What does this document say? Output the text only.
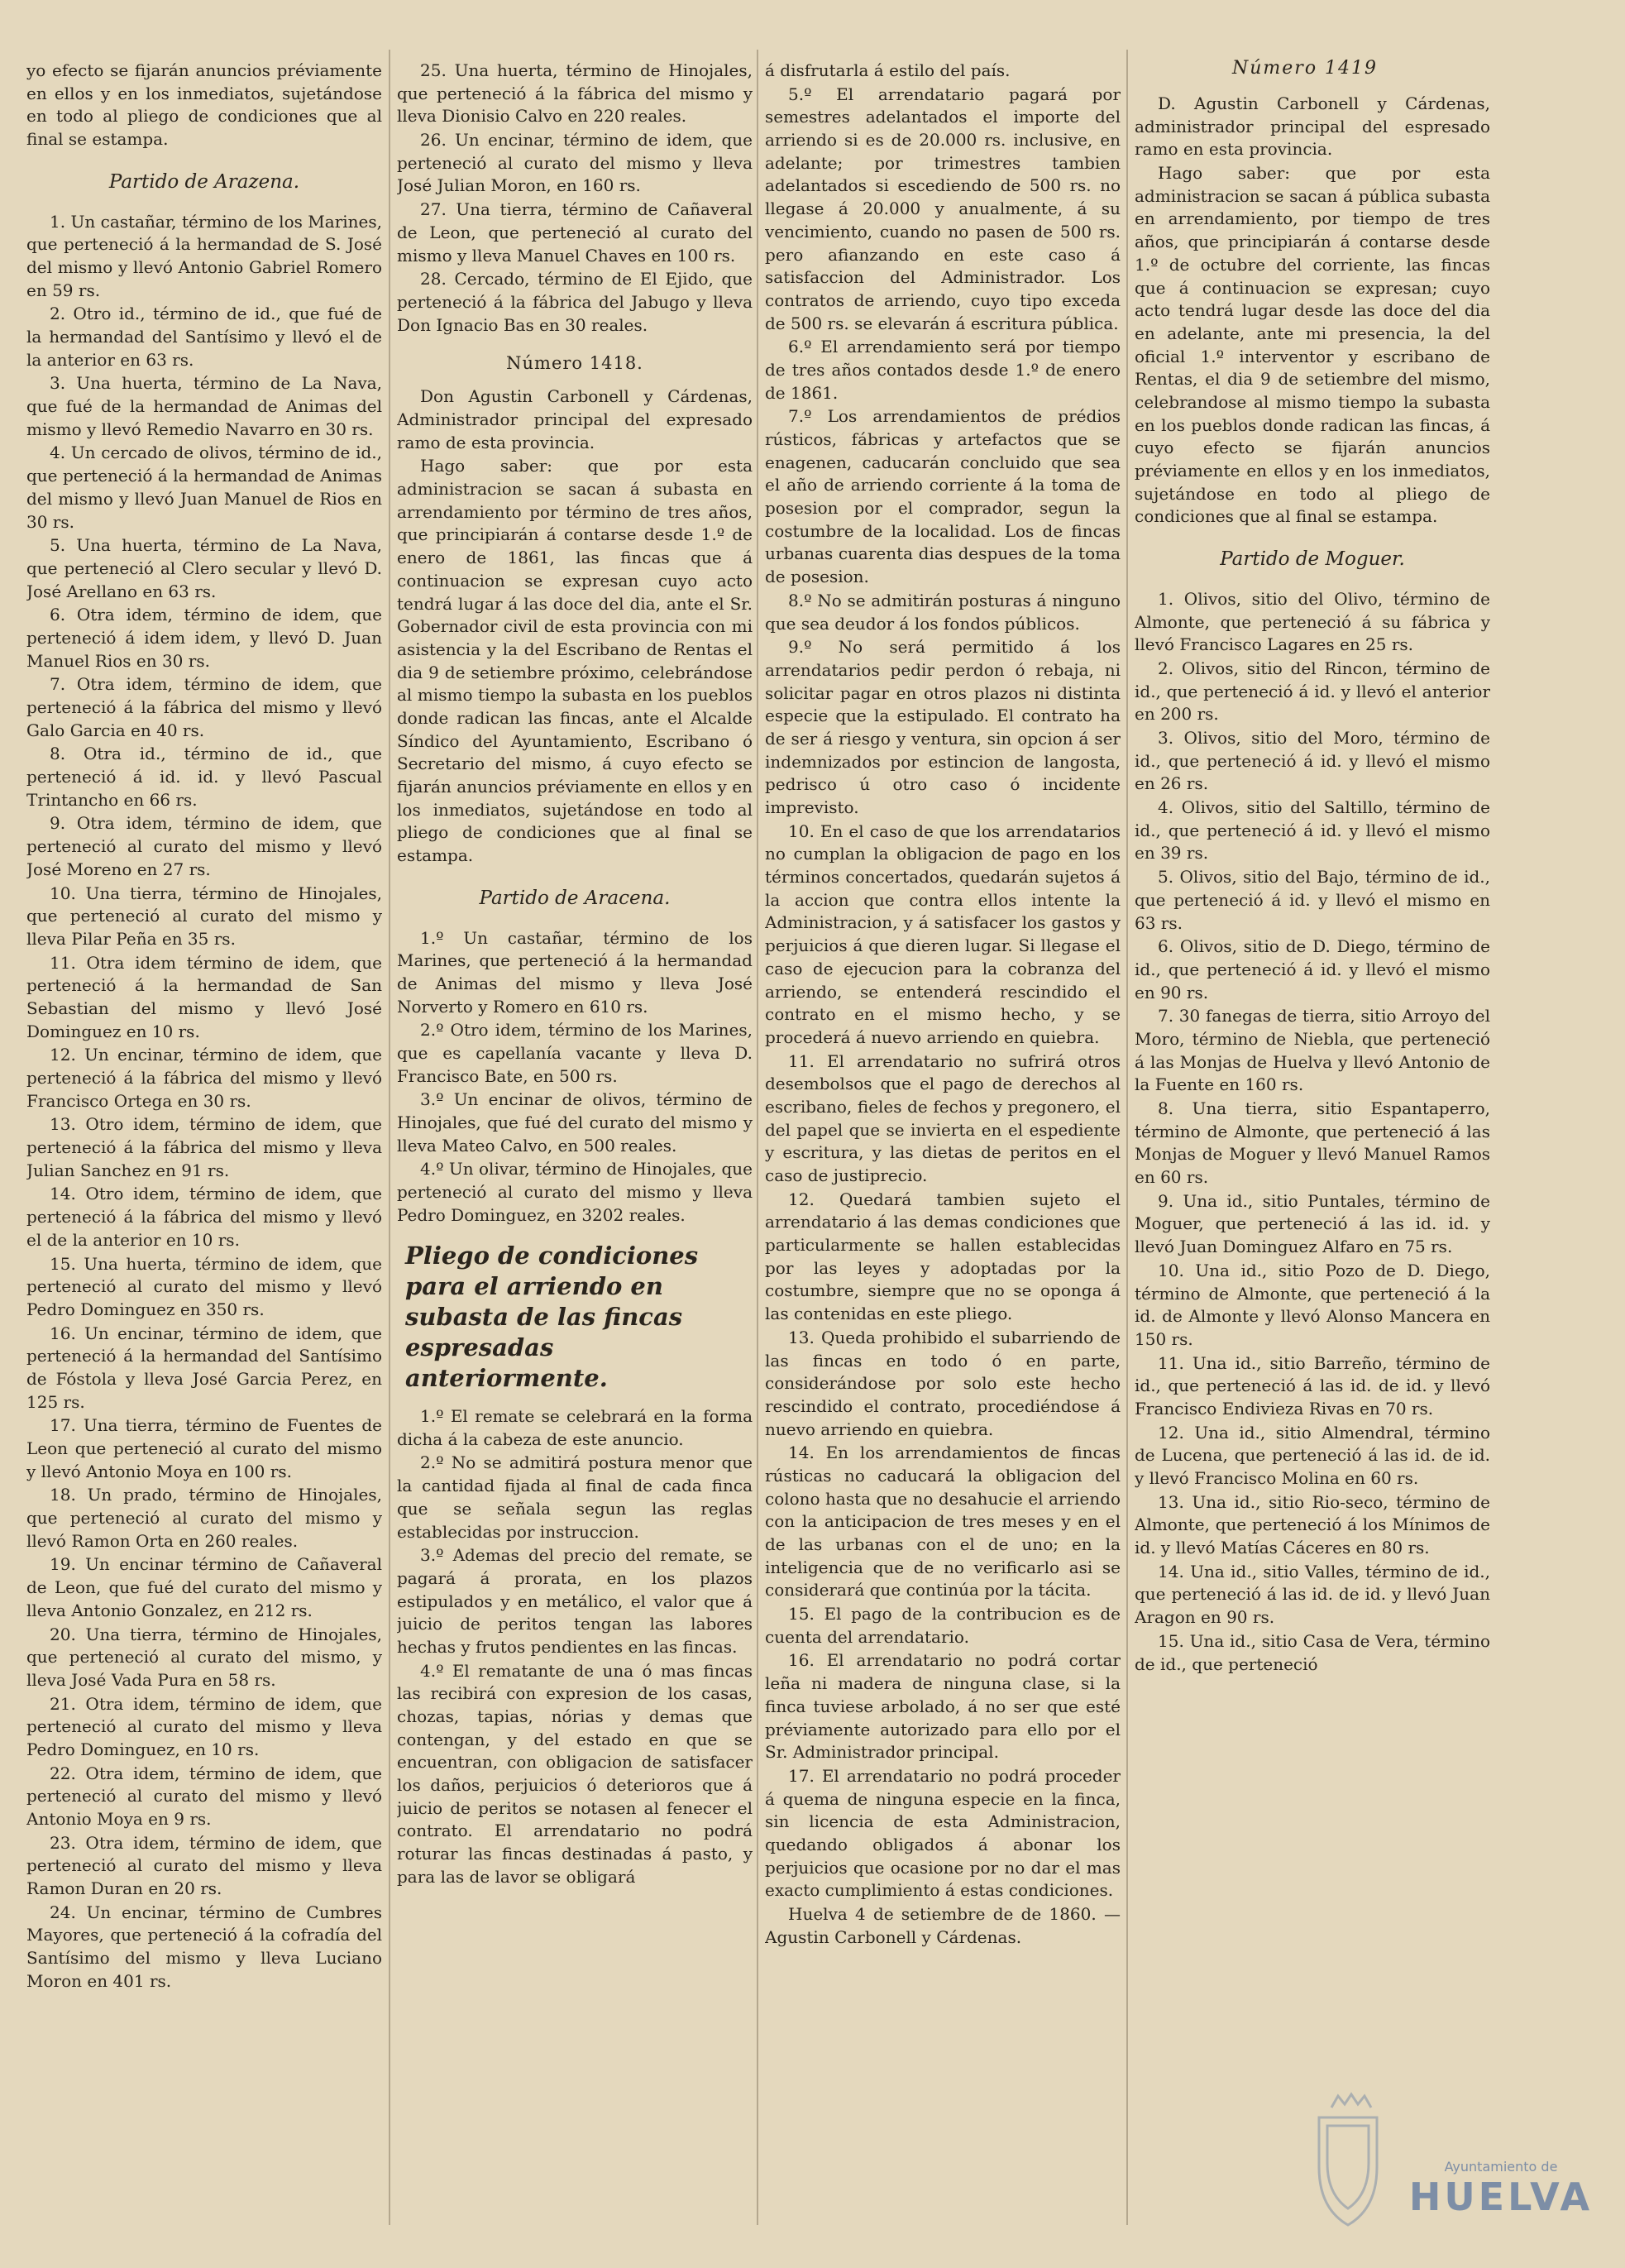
Número 1419

yo efecto se fijarán anuncios préviamente en ellos y en los inmediatos, sujetándose en todo al pliego de condiciones que al final se estampa.

Partido de Arazena.

1. Un castañar, término de los Marines, que perteneció á la hermandad de S. José del mismo y llevó Antonio Gabriel Romero en 59 rs.

2. Otro id., término de id., que fué de la hermandad del Santísimo y llevó el de la anterior en 63 rs.

3. Una huerta, término de La Nava, que fué de la hermandad de Animas del mismo y llevó Remedio Navarro en 30 rs.

4. Un cercado de olivos, término de id., que perteneció á la hermandad de Animas del mismo y llevó Juan Manuel de Rios en 30 rs.

5. Una huerta, término de La Nava, que perteneció al Clero secular y llevó D. José Arellano en 63 rs.

6. Otra idem, término de idem, que perteneció á idem idem, y llevó D. Juan Manuel Rios en 30 rs.

7. Otra idem, término de idem, que perteneció á la fábrica del mismo y llevó Galo Garcia en 40 rs.

8. Otra id., término de id., que perteneció á id. id. y llevó Pascual Trintancho en 66 rs.

9. Otra idem, término de idem, que perteneció al curato del mismo y llevó José Moreno en 27 rs.

10. Una tierra, término de Hinojales, que perteneció al curato del mismo y lleva Pilar Peña en 35 rs.

11. Otra idem término de idem, que perteneció á la hermandad de San Sebastian del mismo y llevó José Dominguez en 10 rs.

12. Un encinar, término de idem, que perteneció á la fábrica del mismo y llevó Francisco Ortega en 30 rs.

13. Otro idem, término de idem, que perteneció á la fábrica del mismo y lleva Julian Sanchez en 91 rs.

14. Otro idem, término de idem, que perteneció á la fábrica del mismo y llevó el de la anterior en 10 rs.

15. Una huerta, término de idem, que perteneció al curato del mismo y llevó Pedro Dominguez en 350 rs.

16. Un encinar, término de idem, que perteneció á la hermandad del Santísimo de Fóstola y lleva José Garcia Perez, en 125 rs.

17. Una tierra, término de Fuentes de Leon que perteneció al curato del mismo y llevó Antonio Moya en 100 rs.

18. Un prado, término de Hinojales, que perteneció al curato del mismo y llevó Ramon Orta en 260 reales.

19. Un encinar término de Cañaveral de Leon, que fué del curato del mismo y lleva Antonio Gonzalez, en 212 rs.

20. Una tierra, término de Hinojales, que perteneció al curato del mismo, y lleva José Vada Pura en 58 rs.

21. Otra idem, término de idem, que perteneció al curato del mismo y lleva Pedro Dominguez, en 10 rs.

22. Otra idem, término de idem, que perteneció al curato del mismo y llevó Antonio Moya en 9 rs.

23. Otra idem, término de idem, que perteneció al curato del mismo y lleva Ramon Duran en 20 rs.

24. Un encinar, término de Cumbres Mayores, que perteneció á la cofradía del Santísimo del mismo y lleva Luciano Moron en 401 rs.

25. Una huerta, término de Hinojales, que perteneció á la fábrica del mismo y lleva Dionisio Calvo en 220 reales.

26. Un encinar, término de idem, que perteneció al curato del mismo y lleva José Julian Moron, en 160 rs.

27. Una tierra, término de Cañaveral de Leon, que perteneció al curato del mismo y lleva Manuel Chaves en 100 rs.

28. Cercado, término de El Ejido, que perteneció á la fábrica del Jabugo y lleva Don Ignacio Bas en 30 reales.

Número 1418.

Don Agustin Carbonell y Cárdenas, Administrador principal del expresado ramo de esta provincia.

Hago saber: que por esta administracion se sacan á subasta en arrendamiento por término de tres años, que principiarán á contarse desde 1.º de enero de 1861, las fincas que á continuacion se expresan cuyo acto tendrá lugar á las doce del dia, ante el Sr. Gobernador civil de esta provincia con mi asistencia y la del Escribano de Rentas el dia 9 de setiembre próximo, celebrándose al mismo tiempo la subasta en los pueblos donde radican las fincas, ante el Alcalde Síndico del Ayuntamiento, Escribano ó Secretario del mismo, á cuyo efecto se fijarán anuncios préviamente en ellos y en los inmediatos, sujetándose en todo al pliego de condiciones que al final se estampa.

Partido de Aracena.

1.º Un castañar, término de los Marines, que perteneció á la hermandad de Animas del mismo y lleva José Norverto y Romero en 610 rs.

2.º Otro idem, término de los Marines, que es capellanía vacante y lleva D. Francisco Bate, en 500 rs.

3.º Un encinar de olivos, término de Hinojales, que fué del curato del mismo y lleva Mateo Calvo, en 500 reales.

4.º Un olivar, término de Hinojales, que perteneció al curato del mismo y lleva Pedro Dominguez, en 3202 reales.

Pliego de condiciones para el arriendo en subasta de las fincas espresadas anteriormente.

1.º El remate se celebrará en la forma dicha á la cabeza de este anuncio.

2.º No se admitirá postura menor que la cantidad fijada al final de cada finca que se señala segun las reglas establecidas por instruccion.

3.º Ademas del precio del remate, se pagará á prorata, en los plazos estipulados y en metálico, el valor que á juicio de peritos tengan las labores hechas y frutos pendientes en las fincas.

4.º El rematante de una ó mas fincas las recibirá con expresion de los casas, chozas, tapias, nórias y demas que contengan, y del estado en que se encuentran, con obligacion de satisfacer los daños, perjuicios ó deterioros que á juicio de peritos se notasen al fenecer el contrato. El arrendatario no podrá roturar las fincas destinadas á pasto, y para las de lavor se obligará

á disfrutarla á estilo del país.

5.º El arrendatario pagará por semestres adelantados el importe del arriendo si es de 20.000 rs. inclusive, en adelante; por trimestres tambien adelantados si escediendo de 500 rs. no llegase á 20.000 y anualmente, á su vencimiento, cuando no pasen de 500 rs. pero afianzando en este caso á satisfaccion del Administrador. Los contratos de arriendo, cuyo tipo exceda de 500 rs. se elevarán á escritura pública.

6.º El arrendamiento será por tiempo de tres años contados desde 1.º de enero de 1861.

7.º Los arrendamientos de prédios rústicos, fábricas y artefactos que se enagenen, caducarán concluido que sea el año de arriendo corriente á la toma de posesion por el comprador, segun la costumbre de la localidad. Los de fincas urbanas cuarenta dias despues de la toma de posesion.

8.º No se admitirán posturas á ninguno que sea deudor á los fondos públicos.

9.º No será permitido á los arrendatarios pedir perdon ó rebaja, ni solicitar pagar en otros plazos ni distinta especie que la estipulado. El contrato ha de ser á riesgo y ventura, sin opcion á ser indemnizados por estincion de langosta, pedrisco ú otro caso ó incidente imprevisto.

10. En el caso de que los arrendatarios no cumplan la obligacion de pago en los términos concertados, quedarán sujetos á la accion que contra ellos intente la Administracion, y á satisfacer los gastos y perjuicios á que dieren lugar. Si llegase el caso de ejecucion para la cobranza del arriendo, se entenderá rescindido el contrato en el mismo hecho, y se procederá á nuevo arriendo en quiebra.

11. El arrendatario no sufrirá otros desembolsos que el pago de derechos al escribano, fieles de fechos y pregonero, el del papel que se invierta en el espediente y escritura, y las dietas de peritos en el caso de justiprecio.

12. Quedará tambien sujeto el arrendatario á las demas condiciones que particularmente se hallen establecidas por las leyes y adoptadas por la costumbre, siempre que no se oponga á las contenidas en este pliego.

13. Queda prohibido el subarriendo de las fincas en todo ó en parte, considerándose por solo este hecho rescindido el contrato, procediéndose á nuevo arriendo en quiebra.

14. En los arrendamientos de fincas rústicas no caducará la obligacion del colono hasta que no desahucie el arriendo con la anticipacion de tres meses y en el de las urbanas con el de uno; en la inteligencia que de no verificarlo asi se considerará que continúa por la tácita.

15. El pago de la contribucion es de cuenta del arrendatario.

16. El arrendatario no podrá cortar leña ni madera de ninguna clase, si la finca tuviese arbolado, á no ser que esté préviamente autorizado para ello por el Sr. Administrador principal.

17. El arrendatario no podrá proceder á quema de ninguna especie en la finca, sin licencia de esta Administracion, quedando obligados á abonar los perjuicios que ocasione por no dar el mas exacto cumplimiento á estas condiciones.

Huelva 4 de setiembre de de 1860. — Agustin Carbonell y Cárdenas.

D. Agustin Carbonell y Cárdenas, administrador principal del espresado ramo en esta provincia.

Hago saber: que por esta administracion se sacan á pública subasta en arrendamiento, por tiempo de tres años, que principiarán á contarse desde 1.º de octubre del corriente, las fincas que á continuacion se expresan; cuyo acto tendrá lugar desde las doce del dia en adelante, ante mi presencia, la del oficial 1.º interventor y escribano de Rentas, el dia 9 de setiembre del mismo, celebrandose al mismo tiempo la subasta en los pueblos donde radican las fincas, á cuyo efecto se fijarán anuncios préviamente en ellos y en los inmediatos, sujetándose en todo al pliego de condiciones que al final se estampa.

Partido de Moguer.

1. Olivos, sitio del Olivo, término de Almonte, que perteneció á su fábrica y llevó Francisco Lagares en 25 rs.

2. Olivos, sitio del Rincon, término de id., que perteneció á id. y llevó el anterior en 200 rs.

3. Olivos, sitio del Moro, término de id., que perteneció á id. y llevó el mismo en 26 rs.

4. Olivos, sitio del Saltillo, término de id., que perteneció á id. y llevó el mismo en 39 rs.

5. Olivos, sitio del Bajo, término de id., que perteneció á id. y llevó el mismo en 63 rs.

6. Olivos, sitio de D. Diego, término de id., que perteneció á id. y llevó el mismo en 90 rs.

7. 30 fanegas de tierra, sitio Arroyo del Moro, término de Niebla, que perteneció á las Monjas de Huelva y llevó Antonio de la Fuente en 160 rs.

8. Una tierra, sitio Espantaperro, término de Almonte, que perteneció á las Monjas de Moguer y llevó Manuel Ramos en 60 rs.

9. Una id., sitio Puntales, término de Moguer, que perteneció á las id. id. y llevó Juan Dominguez Alfaro en 75 rs.

10. Una id., sitio Pozo de D. Diego, término de Almonte, que perteneció á la id. de Almonte y llevó Alonso Mancera en 150 rs.

11. Una id., sitio Barreño, término de id., que perteneció á las id. de id. y llevó Francisco Endivieza Rivas en 70 rs.

12. Una id., sitio Almendral, término de Lucena, que perteneció á las id. de id. y llevó Francisco Molina en 60 rs.

13. Una id., sitio Rio-seco, término de Almonte, que perteneció á los Mínimos de id. y llevó Matías Cáceres en 80 rs.

14. Una id., sitio Valles, término de id., que perteneció á las id. de id. y llevó Juan Aragon en 90 rs.

15. Una id., sitio Casa de Vera, término de id., que perteneció

Ayuntamiento de
HUELVA
